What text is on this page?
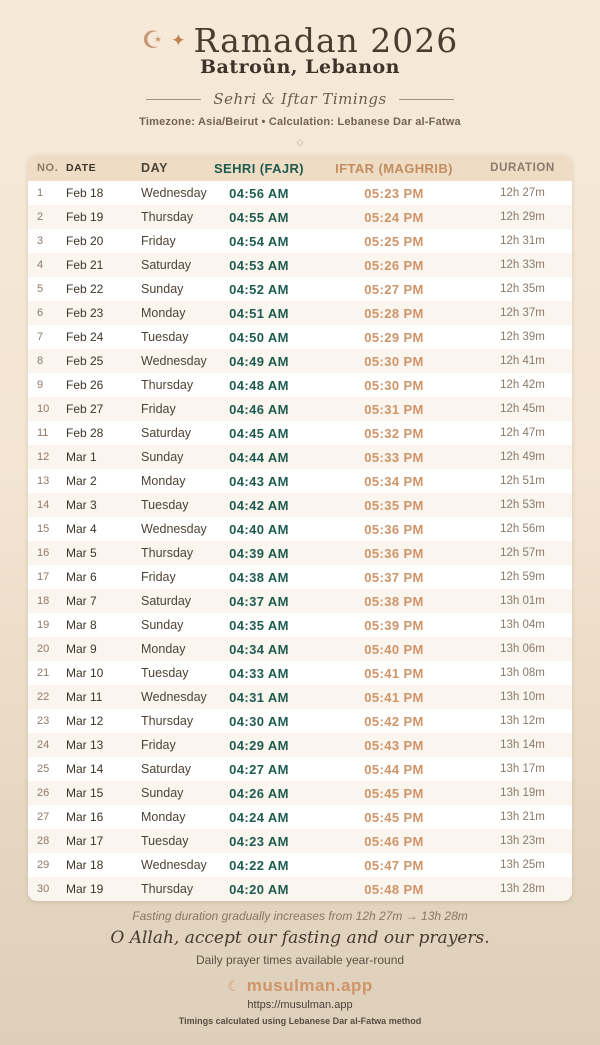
☪ ✦ Ramadan 2026
Batroûn, Lebanon
Sehri & Iftar Timings
Timezone: Asia/Beirut • Calculation: Lebanese Dar al-Fatwa
◇
NO. DATE	DAY	SEHRI (FAJR)	IFTAR (MAGHRIB)	DURATION
1	Feb 18	Wednesday	04:56 AM	05:23 PM	12h 27m
2	Feb 19	Thursday	04:55 AM	05:24 PM	12h 29m
3	Feb 20	Friday	04:54 AM	05:25 PM	12h 31m
4	Feb 21	Saturday	04:53 AM	05:26 PM	12h 33m
5	Feb 22	Sunday	04:52 AM	05:27 PM	12h 35m
6	Feb 23	Monday	04:51 AM	05:28 PM	12h 37m
7	Feb 24	Tuesday	04:50 AM	05:29 PM	12h 39m
8	Feb 25	Wednesday	04:49 AM	05:30 PM	12h 41m
9	Feb 26	Thursday	04:48 AM	05:30 PM	12h 42m
10	Feb 27	Friday	04:46 AM	05:31 PM	12h 45m
11	Feb 28	Saturday	04:45 AM	05:32 PM	12h 47m
12	Mar 1	Sunday	04:44 AM	05:33 PM	12h 49m
13	Mar 2	Monday	04:43 AM	05:34 PM	12h 51m
14	Mar 3	Tuesday	04:42 AM	05:35 PM	12h 53m
15	Mar 4	Wednesday	04:40 AM	05:36 PM	12h 56m
16	Mar 5	Thursday	04:39 AM	05:36 PM	12h 57m
17	Mar 6	Friday	04:38 AM	05:37 PM	12h 59m
18	Mar 7	Saturday	04:37 AM	05:38 PM	13h 01m
19	Mar 8	Sunday	04:35 AM	05:39 PM	13h 04m
20	Mar 9	Monday	04:34 AM	05:40 PM	13h 06m
21	Mar 10	Tuesday	04:33 AM	05:41 PM	13h 08m
22	Mar 11	Wednesday	04:31 AM	05:41 PM	13h 10m
23	Mar 12	Thursday	04:30 AM	05:42 PM	13h 12m
24	Mar 13	Friday	04:29 AM	05:43 PM	13h 14m
25	Mar 14	Saturday	04:27 AM	05:44 PM	13h 17m
26	Mar 15	Sunday	04:26 AM	05:45 PM	13h 19m
27	Mar 16	Monday	04:24 AM	05:45 PM	13h 21m
28	Mar 17	Tuesday	04:23 AM	05:46 PM	13h 23m
29	Mar 18	Wednesday	04:22 AM	05:47 PM	13h 25m
30	Mar 19	Thursday	04:20 AM	05:48 PM	13h 28m
Fasting duration gradually increases from 12h 27m → 13h 28m
O Allah, accept our fasting and our prayers.
Daily prayer times available year-round
☾ musulman.app
https://musulman.app
Timings calculated using Lebanese Dar al-Fatwa method
